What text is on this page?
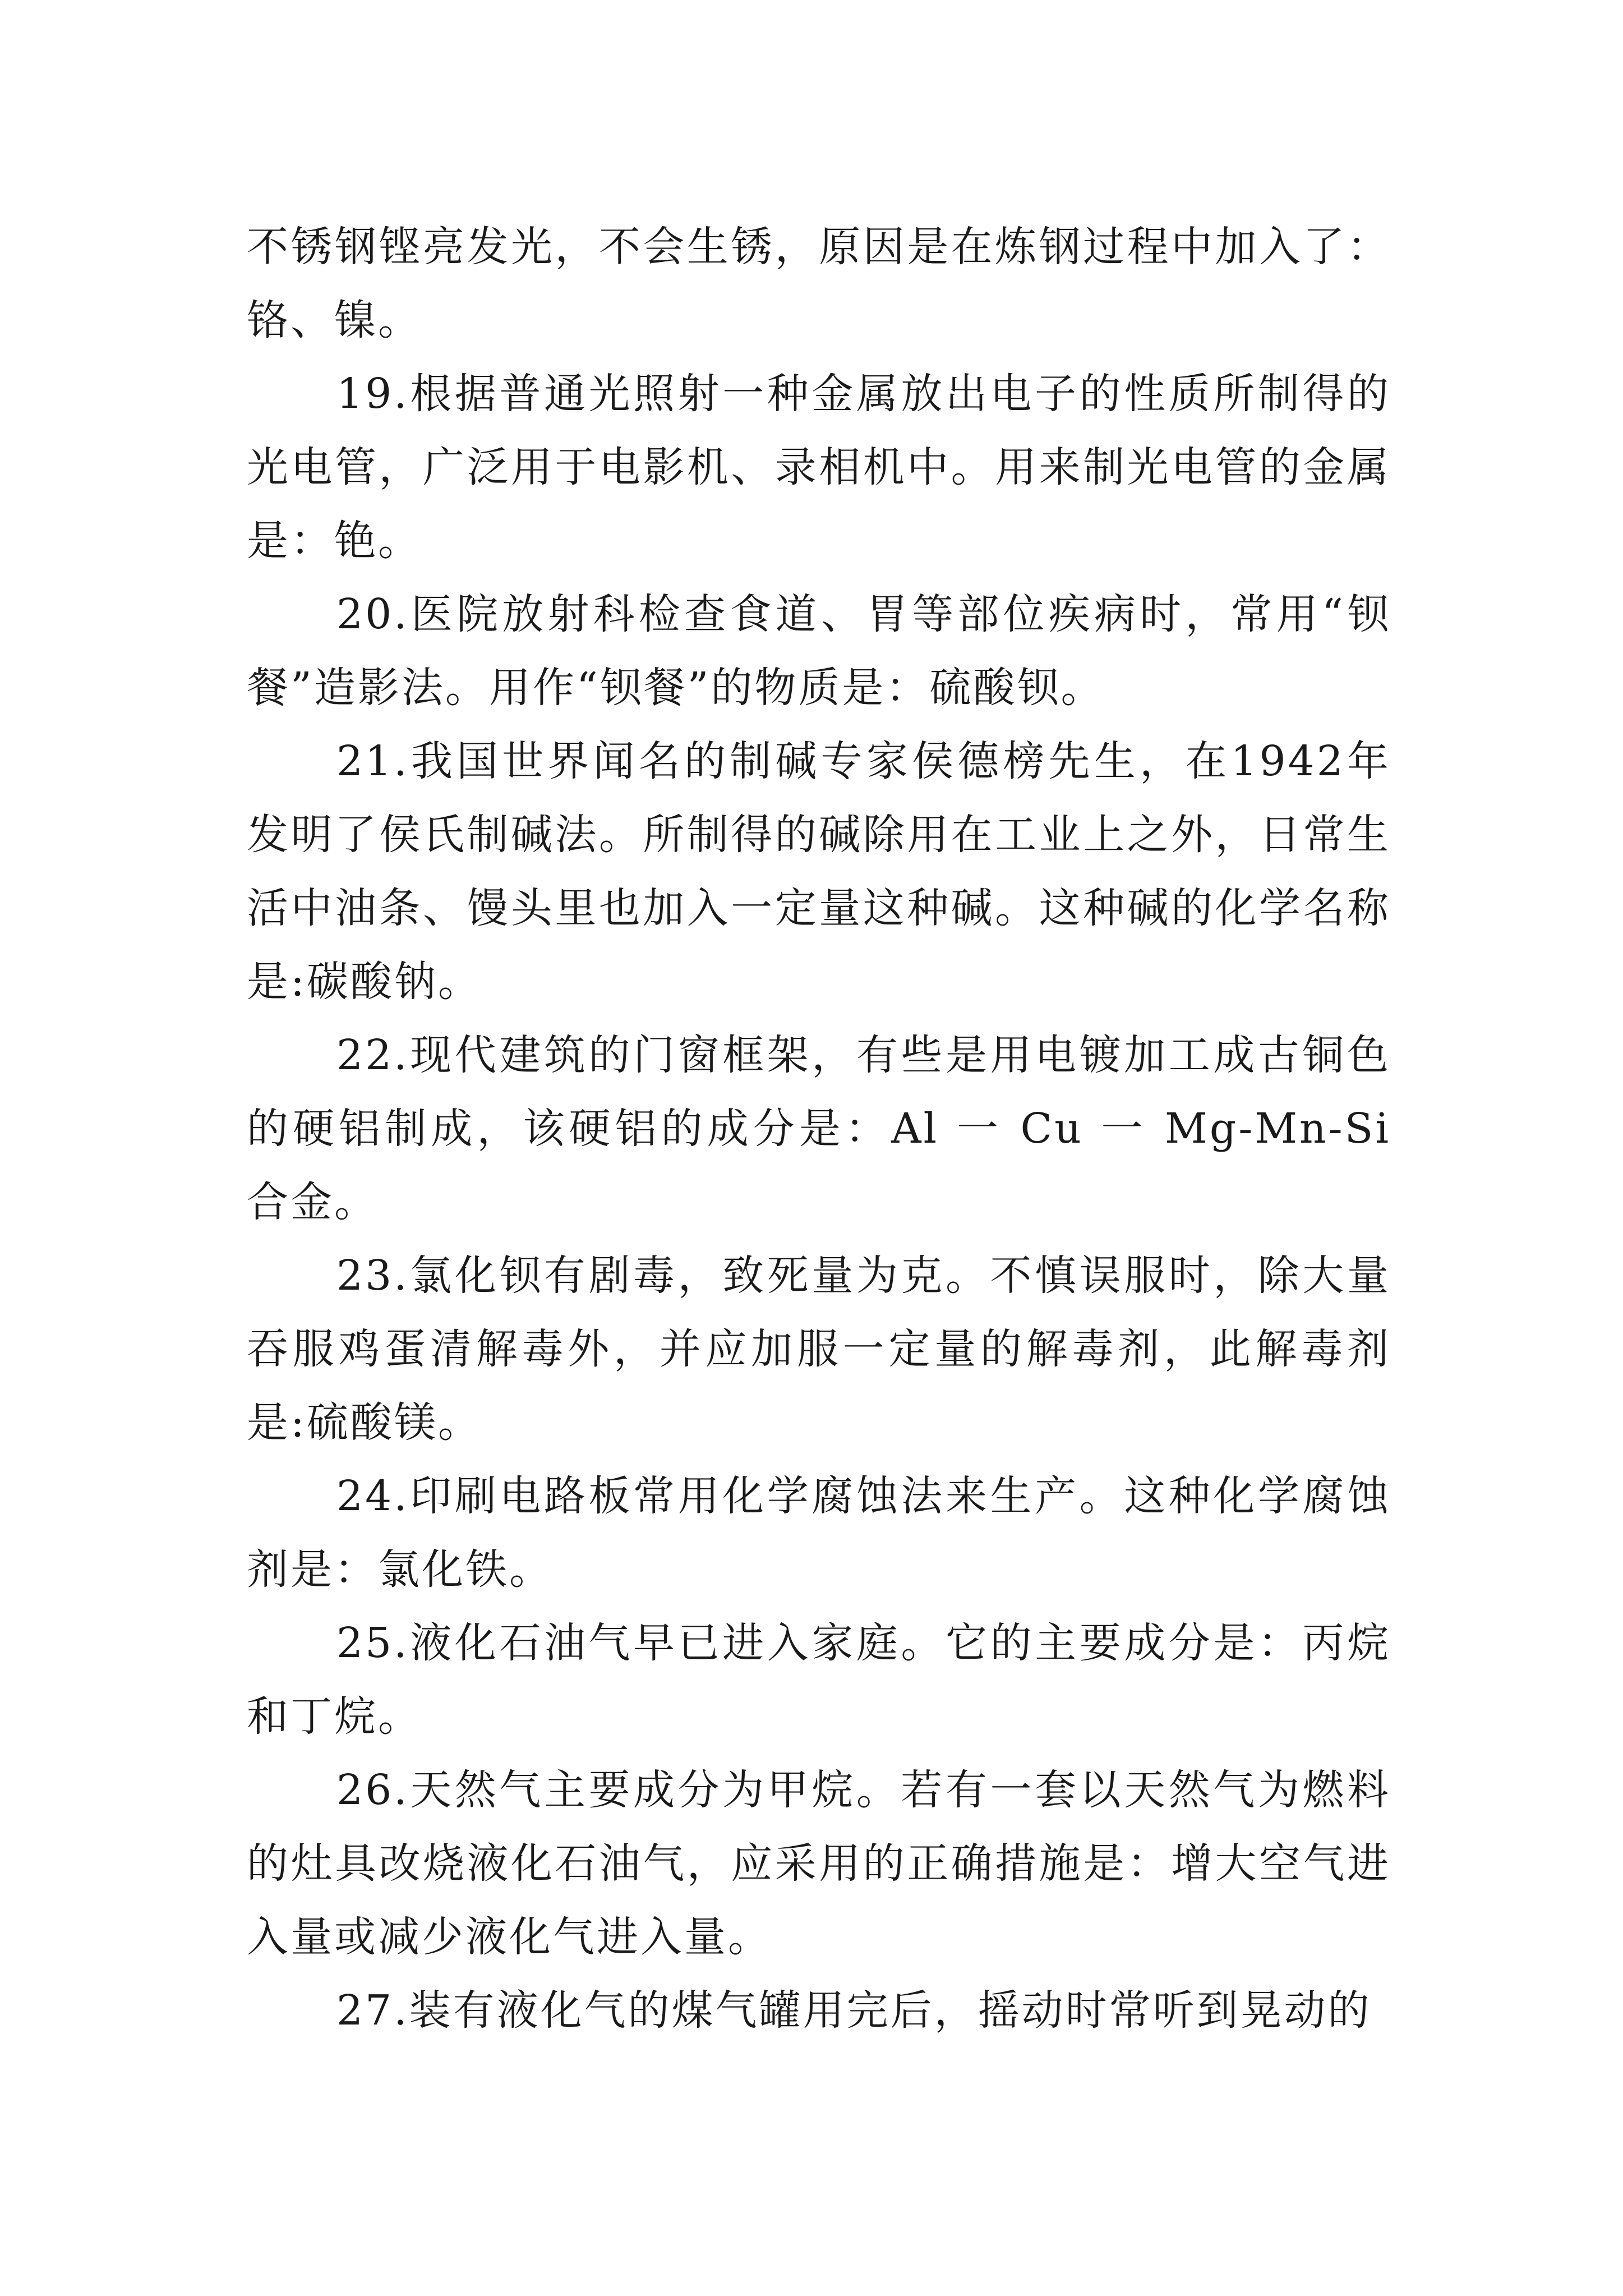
不锈钢铿亮发光，不会生锈，原因是在炼钢过程中加入了：铬、镍。

19.根据普通光照射一种金属放出电子的性质所制得的光电管，广泛用于电影机、录相机中。用来制光电管的金属是：铯。

20.医院放射科检查食道、胃等部位疾病时，常用“钡餐”造影法。用作“钡餐”的物质是：硫酸钡。

21.我国世界闻名的制碱专家侯德榜先生，在1942年发明了侯氏制碱法。所制得的碱除用在工业上之外，日常生活中油条、馒头里也加入一定量这种碱。这种碱的化学名称是:碳酸钠。

22.现代建筑的门窗框架，有些是用电镀加工成古铜色的硬铝制成，该硬铝的成分是：Al 一 Cu 一 Mg-Mn-Si 合金。

23.氯化钡有剧毒，致死量为克。不慎误服时，除大量吞服鸡蛋清解毒外，并应加服一定量的解毒剂，此解毒剂是:硫酸镁。

24.印刷电路板常用化学腐蚀法来生产。这种化学腐蚀剂是：氯化铁。

25.液化石油气早已进入家庭。它的主要成分是：丙烷和丁烷。

26.天然气主要成分为甲烷。若有一套以天然气为燃料的灶具改烧液化石油气，应采用的正确措施是：增大空气进入量或减少液化气进入量。

27.装有液化气的煤气罐用完后，摇动时常听到晃动的
